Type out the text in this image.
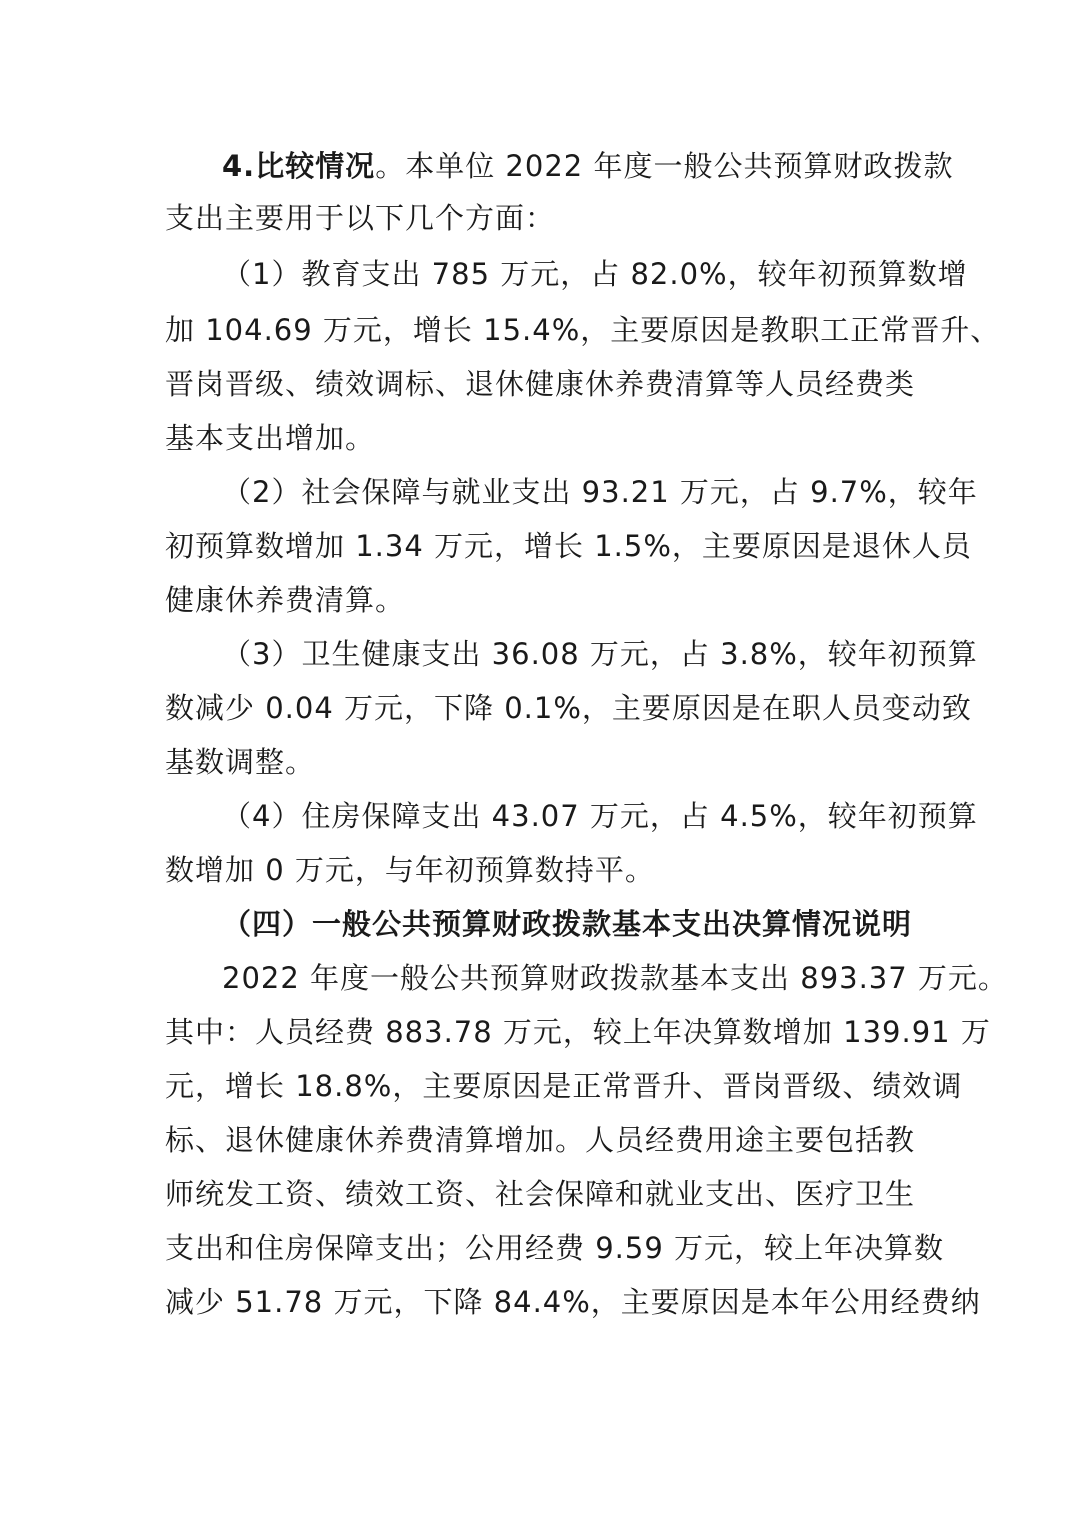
4.比较情况。本单位 2022 年度一般公共预算财政拨款
支出主要用于以下几个方面：
（1）教育支出 785 万元，占 82.0%，较年初预算数增
加 104.69 万元，增长 15.4%，主要原因是教职工正常晋升、
晋岗晋级、绩效调标、退休健康休养费清算等人员经费类
基本支出增加。
（2）社会保障与就业支出 93.21 万元，占 9.7%，较年
初预算数增加 1.34 万元，增长 1.5%，主要原因是退休人员
健康休养费清算。
（3）卫生健康支出 36.08 万元，占 3.8%，较年初预算
数减少 0.04 万元，下降 0.1%，主要原因是在职人员变动致
基数调整。
（4）住房保障支出 43.07 万元，占 4.5%，较年初预算
数增加 0 万元，与年初预算数持平。
（四）一般公共预算财政拨款基本支出决算情况说明
2022 年度一般公共预算财政拨款基本支出 893.37 万元。
其中：人员经费 883.78 万元，较上年决算数增加 139.91 万
元，增长 18.8%，主要原因是正常晋升、晋岗晋级、绩效调
标、退休健康休养费清算增加。人员经费用途主要包括教
师统发工资、绩效工资、社会保障和就业支出、医疗卫生
支出和住房保障支出；公用经费 9.59 万元，较上年决算数
减少 51.78 万元，下降 84.4%，主要原因是本年公用经费纳
